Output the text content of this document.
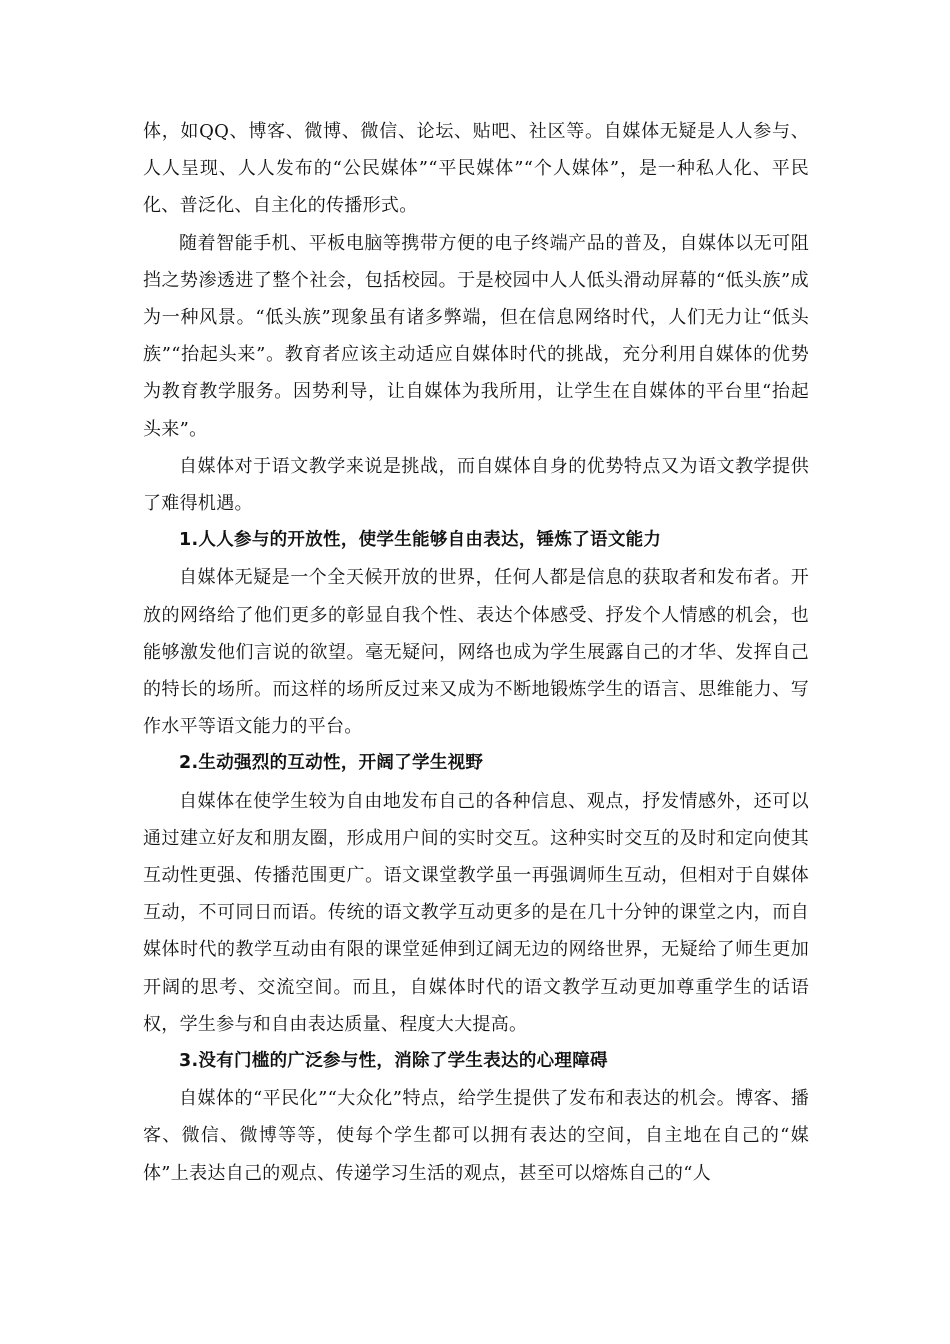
体，如QQ、博客、微博、微信、论坛、贴吧、社区等。自媒体无疑是人人参与、人人呈现、人人发布的“公民媒体”“平民媒体”“个人媒体”，是一种私人化、平民化、普泛化、自主化的传播形式。

随着智能手机、平板电脑等携带方便的电子终端产品的普及，自媒体以无可阻挡之势渗透进了整个社会，包括校园。于是校园中人人低头滑动屏幕的“低头族”成为一种风景。“低头族”现象虽有诸多弊端，但在信息网络时代，人们无力让“低头族”“抬起头来”。教育者应该主动适应自媒体时代的挑战，充分利用自媒体的优势为教育教学服务。因势利导，让自媒体为我所用，让学生在自媒体的平台里“抬起头来”。

自媒体对于语文教学来说是挑战，而自媒体自身的优势特点又为语文教学提供了难得机遇。

1.人人参与的开放性，使学生能够自由表达，锤炼了语文能力

自媒体无疑是一个全天候开放的世界，任何人都是信息的获取者和发布者。开放的网络给了他们更多的彰显自我个性、表达个体感受、抒发个人情感的机会，也能够激发他们言说的欲望。毫无疑问，网络也成为学生展露自己的才华、发挥自己的特长的场所。而这样的场所反过来又成为不断地锻炼学生的语言、思维能力、写作水平等语文能力的平台。

2.生动强烈的互动性，开阔了学生视野

自媒体在使学生较为自由地发布自己的各种信息、观点，抒发情感外，还可以通过建立好友和朋友圈，形成用户间的实时交互。这种实时交互的及时和定向使其互动性更强、传播范围更广。语文课堂教学虽一再强调师生互动，但相对于自媒体互动，不可同日而语。传统的语文教学互动更多的是在几十分钟的课堂之内，而自媒体时代的教学互动由有限的课堂延伸到辽阔无边的网络世界，无疑给了师生更加开阔的思考、交流空间。而且，自媒体时代的语文教学互动更加尊重学生的话语权，学生参与和自由表达质量、程度大大提高。

3.没有门槛的广泛参与性，消除了学生表达的心理障碍

自媒体的“平民化”“大众化”特点，给学生提供了发布和表达的机会。博客、播客、微信、微博等等，使每个学生都可以拥有表达的空间，自主地在自己的“媒体”上表达自己的观点、传递学习生活的观点，甚至可以熔炼自己的“人
